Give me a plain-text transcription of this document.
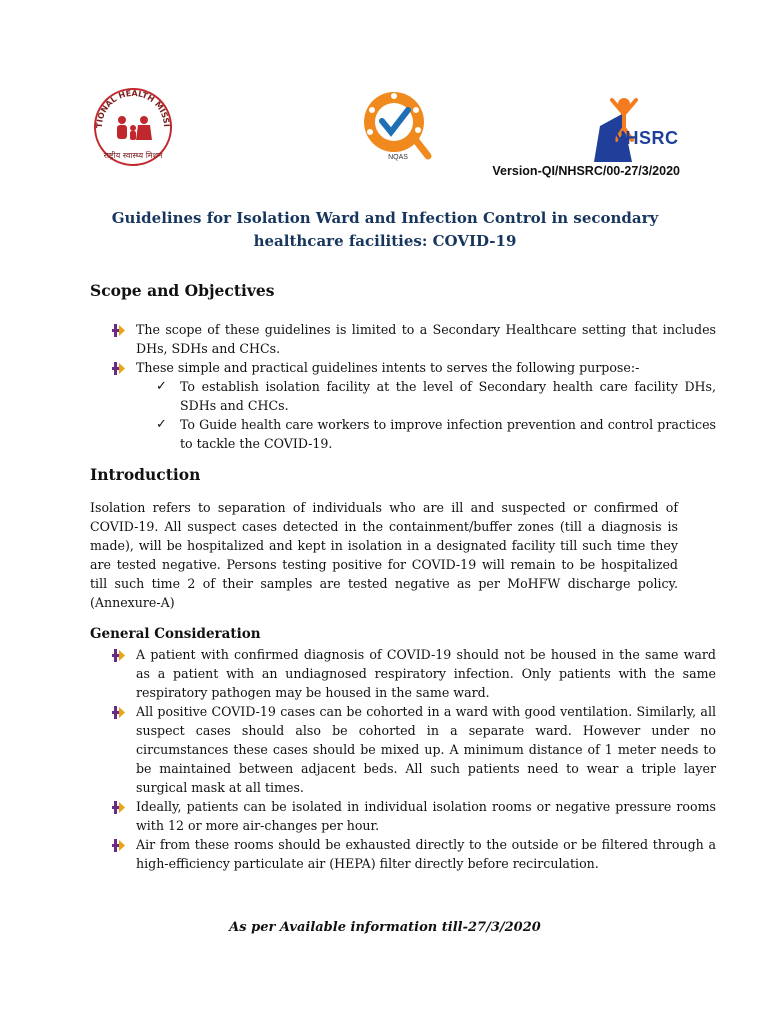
TIONAL HEALTH MISSI
राष्ट्रीय स्वास्थ्य मिशन	NQAS
NHSRC
Version-QI/NHSRC/00-27/3/2020
Guidelines for Isolation Ward and Infection Control in secondary
healthcare facilities: COVID-19
Scope and Objectives
The scope of these guidelines is limited to a Secondary Healthcare setting that includes DHs, SDHs and CHCs.
These simple and practical guidelines intents to serves the following purpose:-
✓ To establish isolation facility at the level of Secondary health care facility DHs, SDHs and CHCs.
✓ To Guide health care workers to improve infection prevention and control practices to tackle the COVID-19.
Introduction
Isolation refers to separation of individuals who are ill and suspected or confirmed of COVID-19. All suspect cases detected in the containment/buffer zones (till a diagnosis is made), will be hospitalized and kept in isolation in a designated facility till such time they are tested negative. Persons testing positive for COVID-19 will remain to be hospitalized till such time 2 of their samples are tested negative as per MoHFW discharge policy. (Annexure-A)
General Consideration
A patient with confirmed diagnosis of COVID-19 should not be housed in the same ward as a patient with an undiagnosed respiratory infection. Only patients with the same respiratory pathogen may be housed in the same ward.
All positive COVID-19 cases can be cohorted in a ward with good ventilation. Similarly, all suspect cases should also be cohorted in a separate ward. However under no circumstances these cases should be mixed up. A minimum distance of 1 meter needs to be maintained between adjacent beds. All such patients need to wear a triple layer surgical mask at all times.
Ideally, patients can be isolated in individual isolation rooms or negative pressure rooms with 12 or more air-changes per hour.
Air from these rooms should be exhausted directly to the outside or be filtered through a high-efficiency particulate air (HEPA) filter directly before recirculation.
As per Available information till-27/3/2020
